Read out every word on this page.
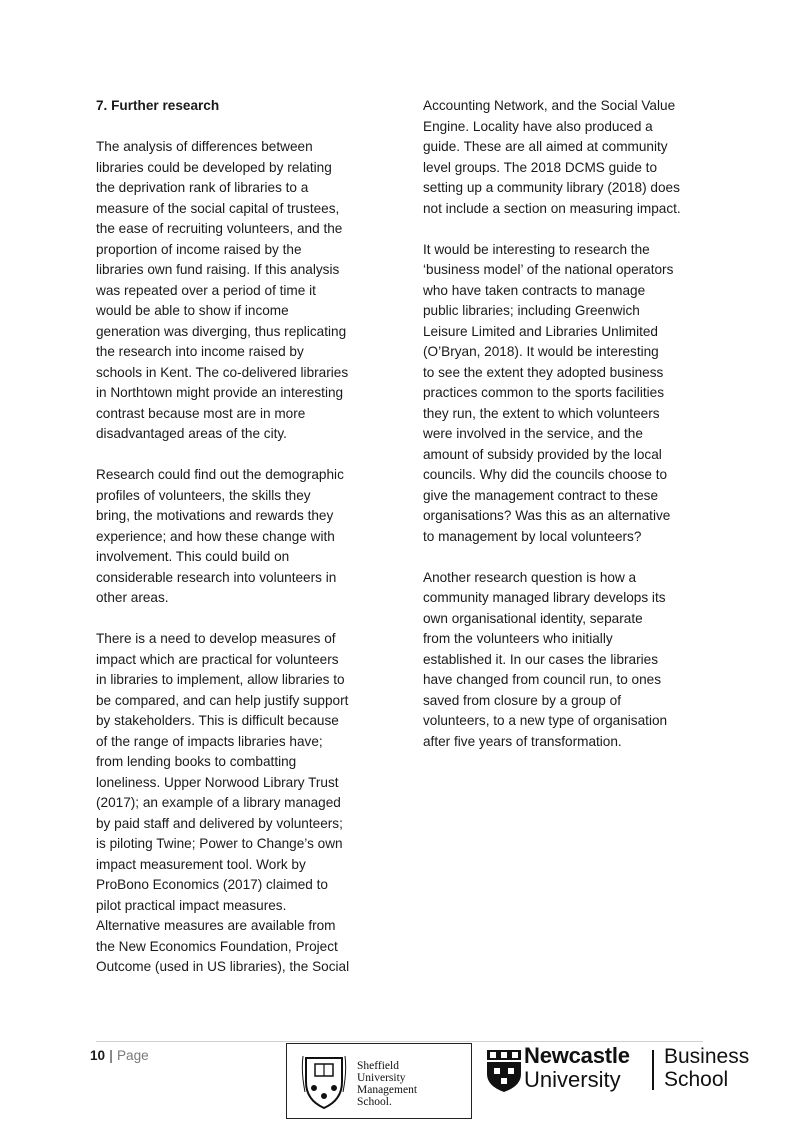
7. Further research
The analysis of differences between
libraries could be developed by relating
the deprivation rank of libraries to a
measure of the social capital of trustees,
the ease of recruiting volunteers, and the
proportion of income raised by the
libraries own fund raising. If this analysis
was repeated over a period of time it
would be able to show if income
generation was diverging, thus replicating
the research into income raised by
schools in Kent. The co-delivered libraries
in Northtown might provide an interesting
contrast because most are in more
disadvantaged areas of the city.
Research could find out the demographic
profiles of volunteers, the skills they
bring, the motivations and rewards they
experience; and how these change with
involvement. This could build on
considerable research into volunteers in
other areas.
There is a need to develop measures of
impact which are practical for volunteers
in libraries to implement, allow libraries to
be compared, and can help justify support
by stakeholders. This is difficult because
of the range of impacts libraries have;
from lending books to combatting
loneliness. Upper Norwood Library Trust
(2017); an example of a library managed
by paid staff and delivered by volunteers;
is piloting Twine; Power to Change’s own
impact measurement tool. Work by
ProBono Economics (2017) claimed to
pilot practical impact measures.
Alternative measures are available from
the New Economics Foundation, Project
Outcome (used in US libraries), the Social
Accounting Network, and the Social Value
Engine. Locality have also produced a
guide. These are all aimed at community
level groups. The 2018 DCMS guide to
setting up a community library (2018) does
not include a section on measuring impact.
It would be interesting to research the
‘business model’ of the national operators
who have taken contracts to manage
public libraries; including Greenwich
Leisure Limited and Libraries Unlimited
(O’Bryan, 2018). It would be interesting
to see the extent they adopted business
practices common to the sports facilities
they run, the extent to which volunteers
were involved in the service, and the
amount of subsidy provided by the local
councils. Why did the councils choose to
give the management contract to these
organisations? Was this as an alternative
to management by local volunteers?
Another research question is how a
community managed library develops its
own organisational identity, separate
from the volunteers who initially
established it. In our cases the libraries
have changed from council run, to ones
saved from closure by a group of
volunteers, to a new type of organisation
after five years of transformation.
10 | Page
Sheffield
University
Management
School.
Newcastle
University
Business
School
